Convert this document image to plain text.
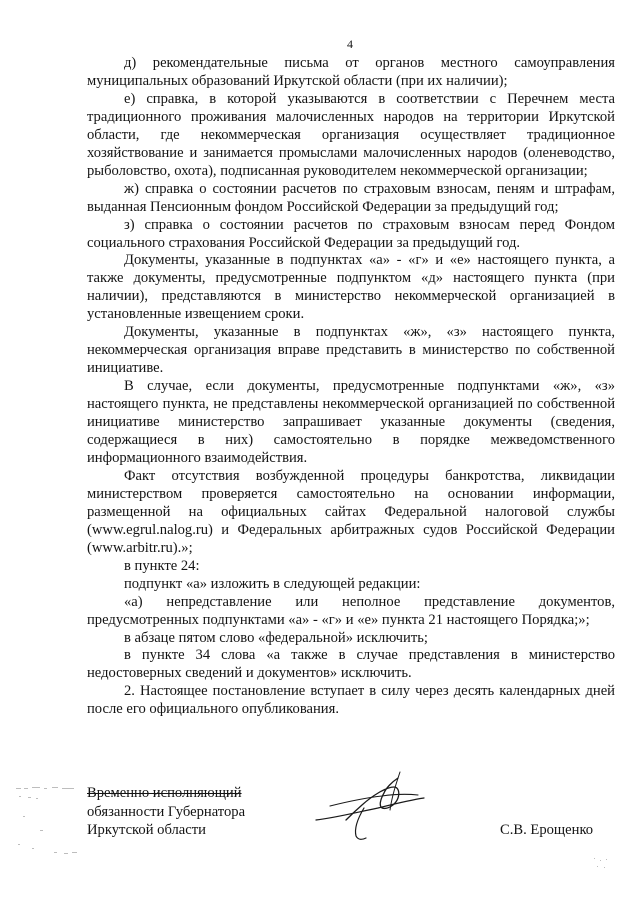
4

д) рекомендательные письма от органов местного самоуправления муниципальных образований Иркутской области (при их наличии);

е) справка, в которой указываются в соответствии с Перечнем места традиционного проживания малочисленных народов на территории Иркутской области, где некоммерческая организация осуществляет традиционное хозяйствование и занимается промыслами малочисленных народов (оленеводство, рыболовство, охота), подписанная руководителем некоммерческой организации;

ж) справка о состоянии расчетов по страховым взносам, пеням и штрафам, выданная Пенсионным фондом Российской Федерации за предыдущий год;

з) справка о состоянии расчетов по страховым взносам перед Фондом социального страхования Российской Федерации за предыдущий год.

Документы, указанные в подпунктах «а» - «г» и «е» настоящего пункта, а также документы, предусмотренные подпунктом «д» настоящего пункта (при наличии), представляются в министерство некоммерческой организацией в установленные извещением сроки.

Документы, указанные в подпунктах «ж», «з» настоящего пункта, некоммерческая организация вправе представить в министерство по собственной инициативе.

В случае, если документы, предусмотренные подпунктами «ж», «з» настоящего пункта, не представлены некоммерческой организацией по собственной инициативе министерство запрашивает указанные документы (сведения, содержащиеся в них) самостоятельно в порядке межведомственного информационного взаимодействия.

Факт отсутствия возбужденной процедуры банкротства, ликвидации министерством проверяется самостоятельно на основании информации, размещенной на официальных сайтах Федеральной налоговой службы (www.egrul.nalog.ru) и Федеральных арбитражных судов Российской Федерации (www.arbitr.ru).»;

в пункте 24:

подпункт «а» изложить в следующей редакции:

«а) непредставление или неполное представление документов, предусмотренных подпунктами «а» - «г» и «е» пункта 21 настоящего Порядка;»;

в абзаце пятом слово «федеральной» исключить;

в пункте 34 слова «а также в случае представления в министерство недостоверных сведений и документов» исключить.

2. Настоящее постановление вступает в силу через десять календарных дней после его официального опубликования.

Временно исполняющий
обязанности Губернатора
Иркутской области	С.В. Ерощенко
